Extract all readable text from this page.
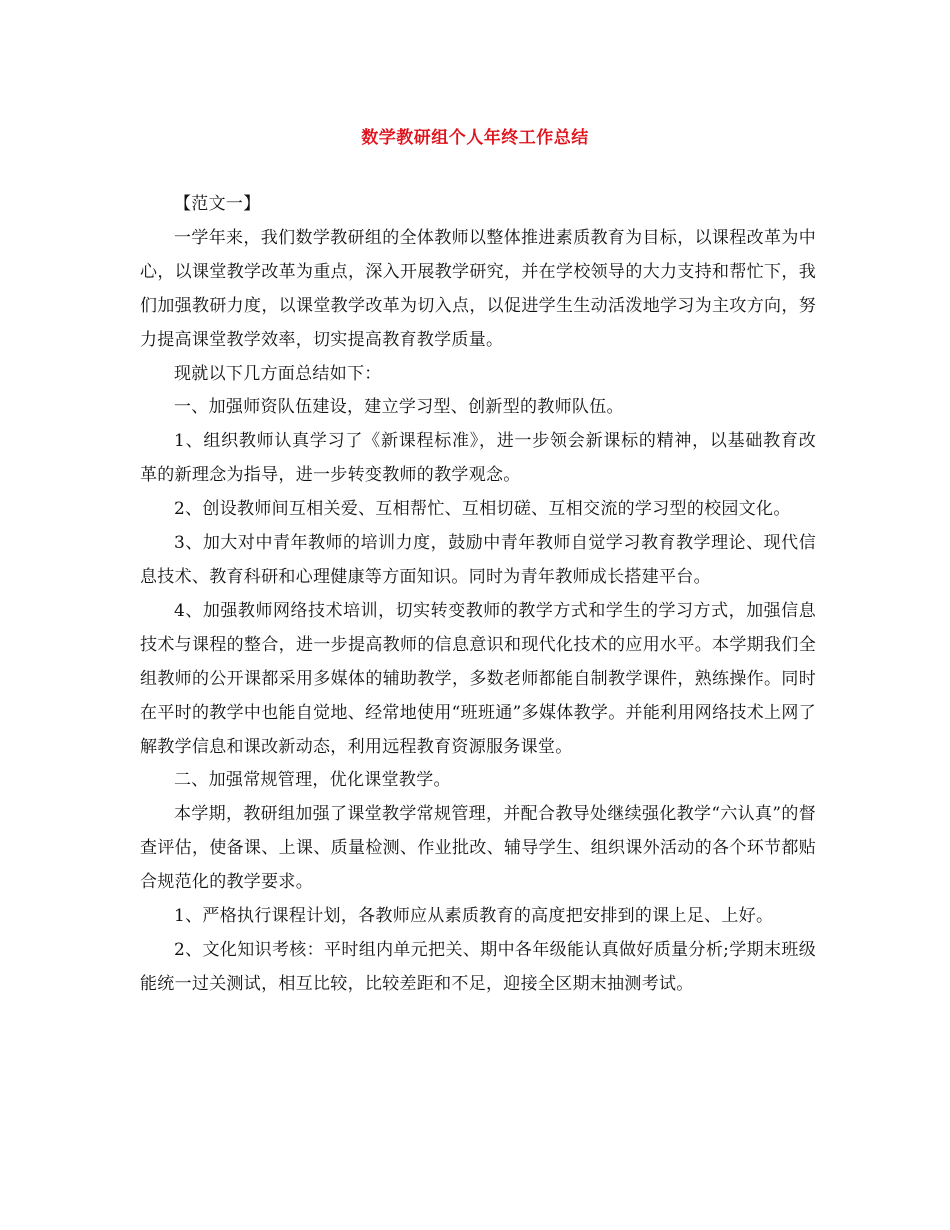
数学教研组个人年终工作总结

【范文一】

一学年来，我们数学教研组的全体教师以整体推进素质教育为目标，以课程改革为中心，以课堂教学改革为重点，深入开展教学研究，并在学校领导的大力支持和帮忙下，我们加强教研力度，以课堂教学改革为切入点，以促进学生生动活泼地学习为主攻方向，努力提高课堂教学效率，切实提高教育教学质量。

现就以下几方面总结如下：

一、加强师资队伍建设，建立学习型、创新型的教师队伍。

1、组织教师认真学习了《新课程标准》，进一步领会新课标的精神，以基础教育改革的新理念为指导，进一步转变教师的教学观念。

2、创设教师间互相关爱、互相帮忙、互相切磋、互相交流的学习型的校园文化。

3、加大对中青年教师的培训力度，鼓励中青年教师自觉学习教育教学理论、现代信息技术、教育科研和心理健康等方面知识。同时为青年教师成长搭建平台。

4、加强教师网络技术培训，切实转变教师的教学方式和学生的学习方式，加强信息技术与课程的整合，进一步提高教师的信息意识和现代化技术的应用水平。本学期我们全组教师的公开课都采用多媒体的辅助教学，多数老师都能自制教学课件，熟练操作。同时在平时的教学中也能自觉地、经常地使用“班班通”多媒体教学。并能利用网络技术上网了解教学信息和课改新动态，利用远程教育资源服务课堂。

二、加强常规管理，优化课堂教学。

本学期，教研组加强了课堂教学常规管理，并配合教导处继续强化教学“六认真”的督查评估，使备课、上课、质量检测、作业批改、辅导学生、组织课外活动的各个环节都贴合规范化的教学要求。

1、严格执行课程计划，各教师应从素质教育的高度把安排到的课上足、上好。

2、文化知识考核：平时组内单元把关、期中各年级能认真做好质量分析;学期末班级能统一过关测试，相互比较，比较差距和不足，迎接全区期末抽测考试。
